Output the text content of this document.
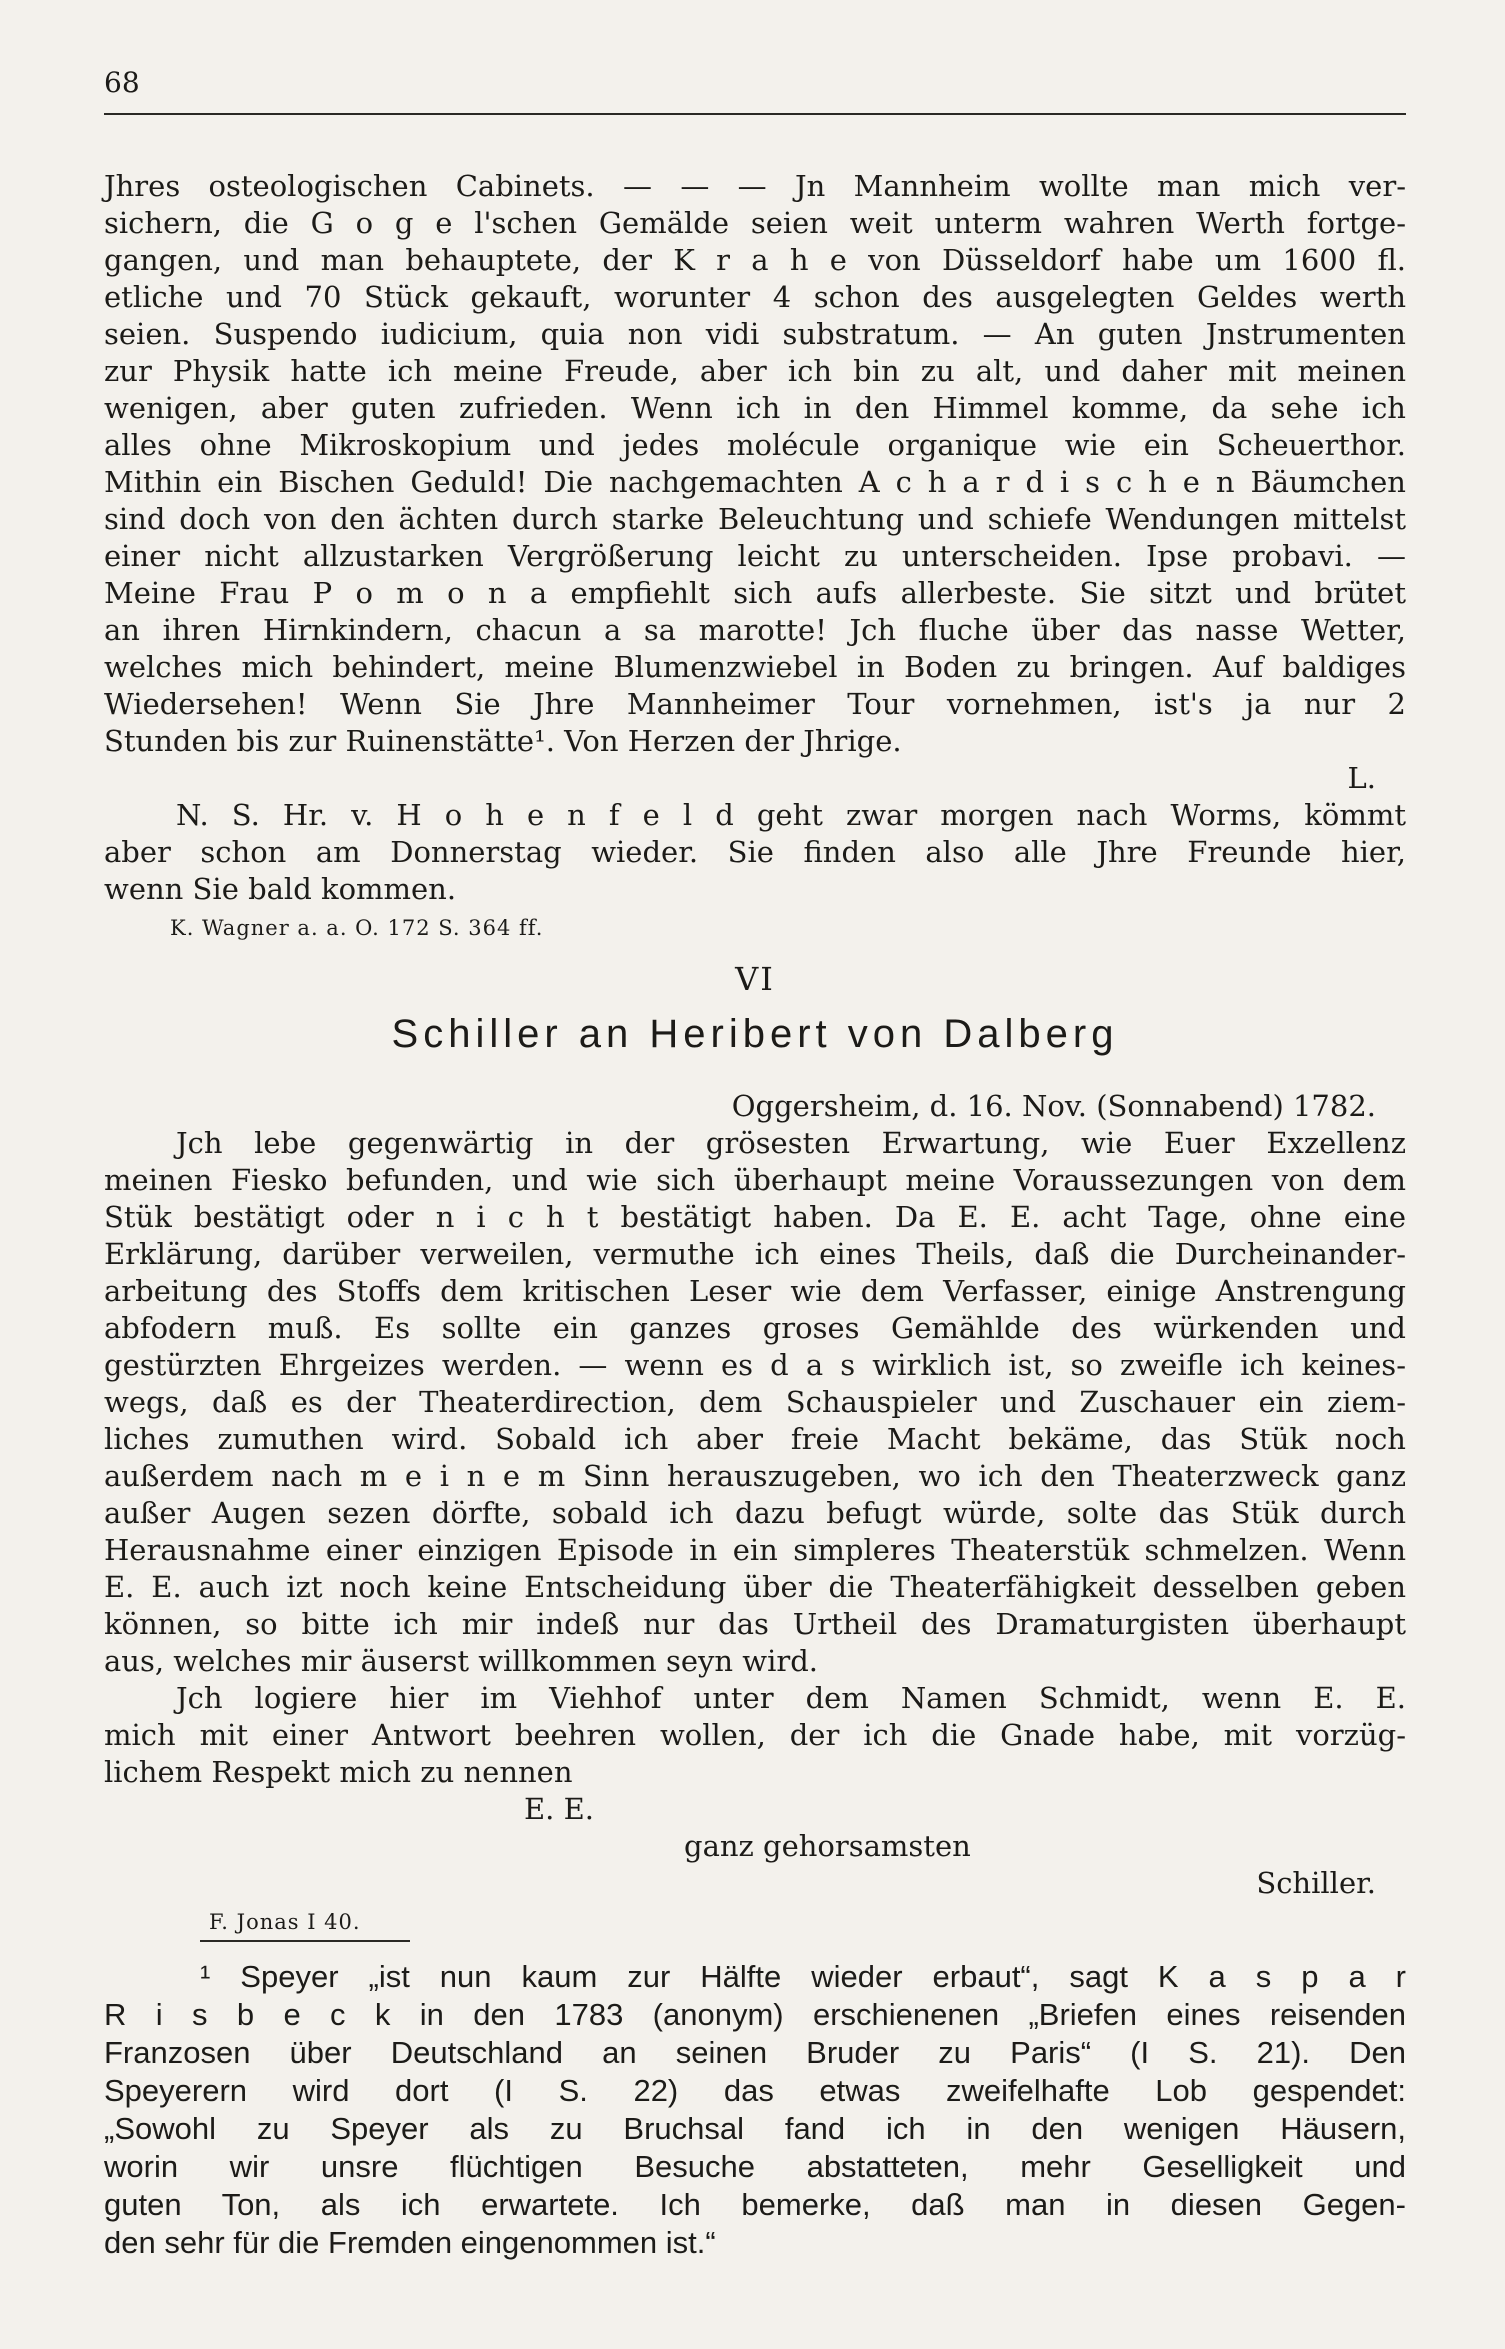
68
Jhres osteologischen Cabinets. — — — Jn Mannheim wollte man mich ver-
sichern, die G o g e l'schen Gemälde seien weit unterm wahren Werth fortge-
gangen, und man behauptete, der K r a h e von Düsseldorf habe um 1600 fl.
etliche und 70 Stück gekauft, worunter 4 schon des ausgelegten Geldes werth
seien. Suspendo iudicium, quia non vidi substratum. — An guten Jnstrumenten
zur Physik hatte ich meine Freude, aber ich bin zu alt, und daher mit meinen
wenigen, aber guten zufrieden. Wenn ich in den Himmel komme, da sehe ich
alles ohne Mikroskopium und jedes molécule organique wie ein Scheuerthor.
Mithin ein Bischen Geduld! Die nachgemachten A c h a r d i s c h e n Bäumchen
sind doch von den ächten durch starke Beleuchtung und schiefe Wendungen mittelst
einer nicht allzustarken Vergrößerung leicht zu unterscheiden. Ipse probavi. —
Meine Frau P o m o n a empfiehlt sich aufs allerbeste. Sie sitzt und brütet
an ihren Hirnkindern, chacun a sa marotte! Jch fluche über das nasse Wetter,
welches mich behindert, meine Blumenzwiebel in Boden zu bringen. Auf baldiges
Wiedersehen! Wenn Sie Jhre Mannheimer Tour vornehmen, ist's ja nur 2
Stunden bis zur Ruinenstätte¹. Von Herzen der Jhrige.
L.
N. S. Hr. v. H o h e n f e l d geht zwar morgen nach Worms, kömmt
aber schon am Donnerstag wieder. Sie finden also alle Jhre Freunde hier,
wenn Sie bald kommen.
K. Wagner a. a. O. 172 S. 364 ff.
VI
Schiller an Heribert von Dalberg
Oggersheim, d. 16. Nov. (Sonnabend) 1782.
Jch lebe gegenwärtig in der grösesten Erwartung, wie Euer Exzellenz
meinen Fiesko befunden, und wie sich überhaupt meine Voraussezungen von dem
Stük bestätigt oder n i c h t bestätigt haben. Da E. E. acht Tage, ohne eine
Erklärung, darüber verweilen, vermuthe ich eines Theils, daß die Durcheinander-
arbeitung des Stoffs dem kritischen Leser wie dem Verfasser, einige Anstrengung
abfodern muß. Es sollte ein ganzes groses Gemählde des würkenden und
gestürzten Ehrgeizes werden. — wenn es d a s wirklich ist, so zweifle ich keines-
wegs, daß es der Theaterdirection, dem Schauspieler und Zuschauer ein ziem-
liches zumuthen wird. Sobald ich aber freie Macht bekäme, das Stük noch
außerdem nach m e i n e m Sinn herauszugeben, wo ich den Theaterzweck ganz
außer Augen sezen dörfte, sobald ich dazu befugt würde, solte das Stük durch
Herausnahme einer einzigen Episode in ein simpleres Theaterstük schmelzen. Wenn
E. E. auch izt noch keine Entscheidung über die Theaterfähigkeit desselben geben
können, so bitte ich mir indeß nur das Urtheil des Dramaturgisten überhaupt
aus, welches mir äuserst willkommen seyn wird.
Jch logiere hier im Viehhof unter dem Namen Schmidt, wenn E. E.
mich mit einer Antwort beehren wollen, der ich die Gnade habe, mit vorzüg-
lichem Respekt mich zu nennen
E. E.
ganz gehorsamsten
Schiller.
F. Jonas I 40.
¹ Speyer „ist nun kaum zur Hälfte wieder erbaut“, sagt K a s p a r
R i s b e c k in den 1783 (anonym) erschienenen „Briefen eines reisenden
Franzosen über Deutschland an seinen Bruder zu Paris“ (I S. 21). Den
Speyerern wird dort (I S. 22) das etwas zweifelhafte Lob gespendet:
„Sowohl zu Speyer als zu Bruchsal fand ich in den wenigen Häusern,
worin wir unsre flüchtigen Besuche abstatteten, mehr Geselligkeit und
guten Ton, als ich erwartete. Ich bemerke, daß man in diesen Gegen-
den sehr für die Fremden eingenommen ist.“
